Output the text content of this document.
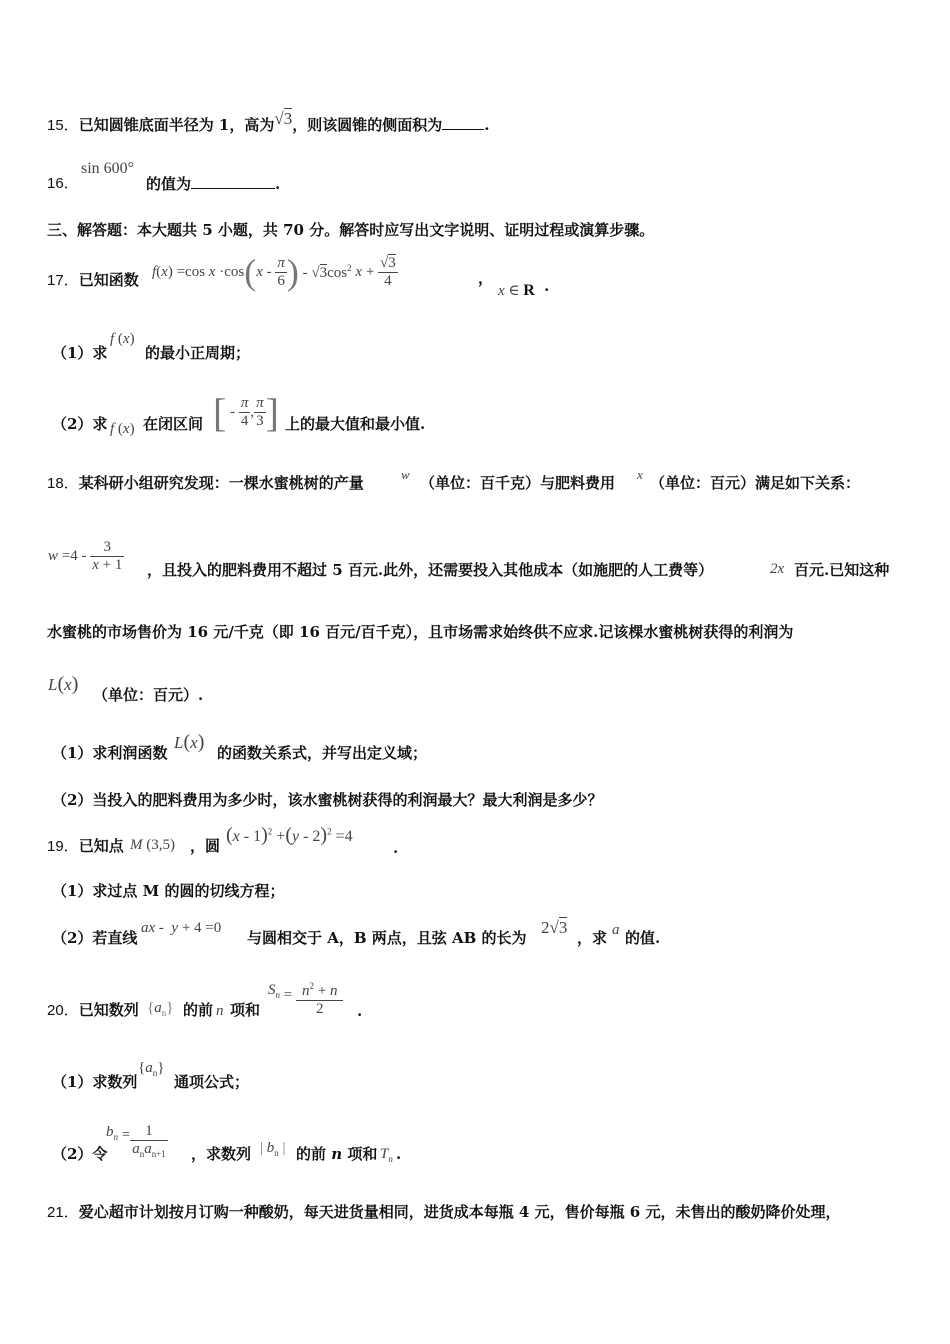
15．已知圆锥底面半径为 1，高为√3，则该圆锥的侧面积为	.
16．
sin 600°
的值为	.
三、解答题：本大题共 5 小题，共 70 分。解答时应写出文字说明、证明过程或演算步骤。
17．已知函数 f ( x ) =cos x ·cos ( x - $\frac{\pi}{6}$ ) - $√3\cos^2$ $x + \frac{√3}{4}$	，
x ∈ R .
（1）求
f (x)
的最小正周期；
（2）求 f (x) 在闭区间 [ - $\frac{\pi}{4}$ , $\frac{\pi}{3}$ ] 上的最大值和最小值.
18．某科研小组研究发现：一棵水蜜桃树的产量	w （单位：百千克）与肥料费用 x （单位：百元）满足如下关系：
$w =4 - \frac{3}{x + 1}$ ，且投入的肥料费用不超过 5 百元.此外，还需要投入其他成本（如施肥的人工费等）	2x 百元.已知这种
水蜜桃的市场售价为 16 元/千克（即 16 百元/百千克），且市场需求始终供不应求.记该棵水蜜桃树获得的利润为
L(x) （单位：百元）.
（1）求利润函数
L(x) 的函数关系式，并写出定义域；
（2）当投入的肥料费用为多少时，该水蜜桃树获得的利润最大？最大利润是多少？
19．已知点 M (3,5) ，圆 (x - 1)$^2$ +(y - 2)$^2$ =4
.
（1）求过点 M 的圆的切线方程；
（2）若直线
ax -  y + 4 =0
与圆相交于 A，B 两点，且弦 AB 的长为
2√3
，求 a 的值.
20．已知数列 $\{a_n\}$ 的前 n 项和
$S_n = \frac{n^2 + n}{2}$ .
（1）求数列
$\{a_n\}$
通项公式；
（2）令
$b_n = \frac{1}{a_na_{n+1}}$ ，求数列 | $b_n$ | 的前 n 项和 $T_n$ .
21．爱心超市计划按月订购一种酸奶，每天进货量相同，进货成本每瓶 4 元，售价每瓶 6 元，未售出的酸奶降价处理，
